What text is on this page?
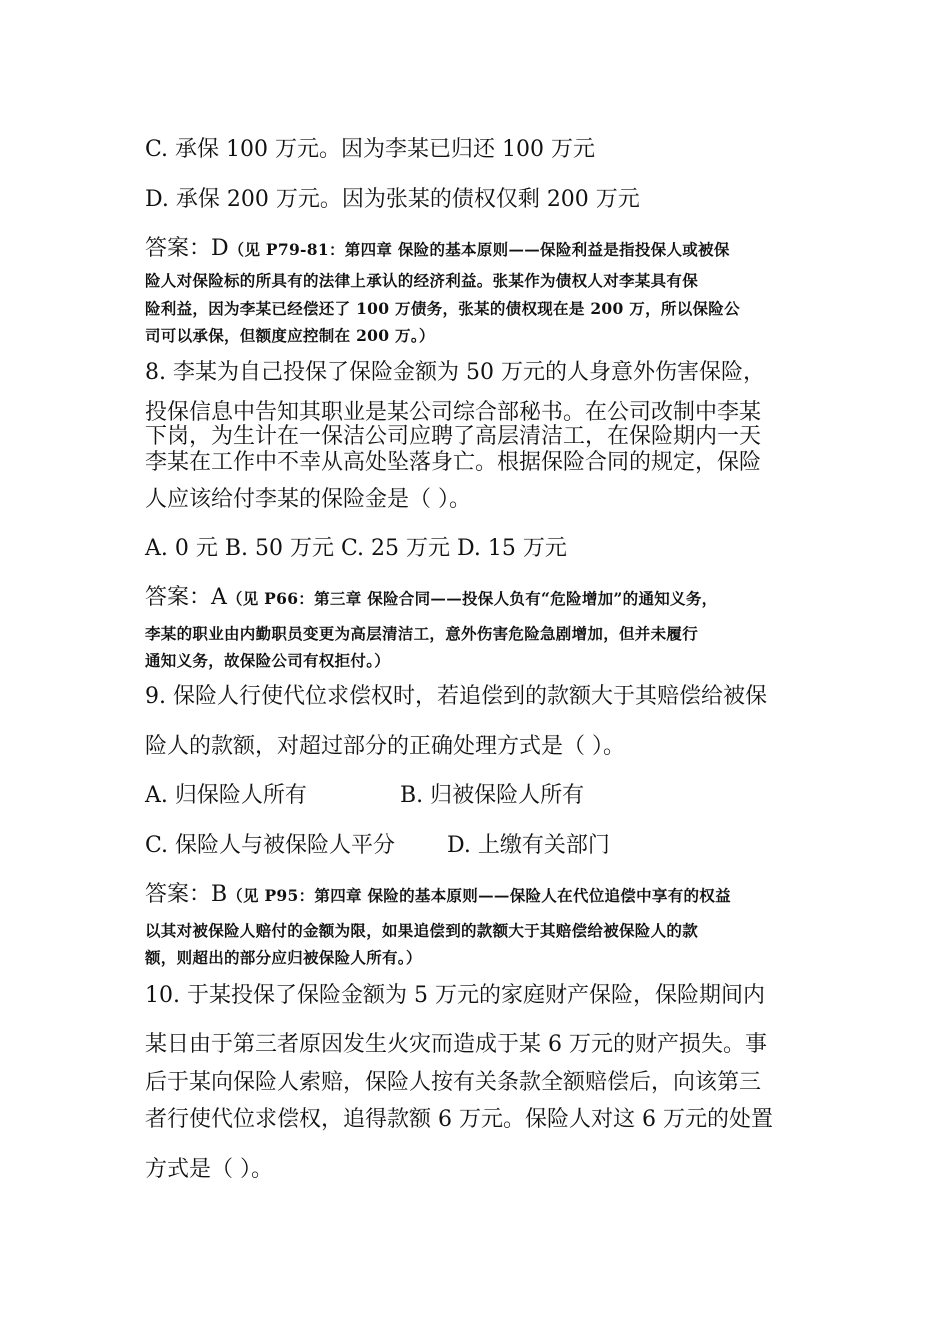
C. 承保 100 万元。因为李某已归还 100 万元
D. 承保 200 万元。因为张某的债权仅剩 200 万元
答案：D（见 P79-81：第四章 保险的基本原则——保险利益是指投保人或被保
险人对保险标的所具有的法律上承认的经济利益。张某作为债权人对李某具有保
险利益，因为李某已经偿还了 100 万债务，张某的债权现在是 200 万，所以保险公
司可以承保，但额度应控制在 200 万。）
8. 李某为自己投保了保险金额为 50 万元的人身意外伤害保险，
投保信息中告知其职业是某公司综合部秘书。在公司改制中李某
下岗，为生计在一保洁公司应聘了高层清洁工，在保险期内一天
李某在工作中不幸从高处坠落身亡。根据保险合同的规定，保险
人应该给付李某的保险金是（ ）。
A. 0 元 B. 50 万元 C. 25 万元 D. 15 万元
答案：A（见 P66：第三章 保险合同——投保人负有“危险增加”的通知义务，
李某的职业由内勤职员变更为高层清洁工，意外伤害危险急剧增加，但并未履行
通知义务，故保险公司有权拒付。）
9. 保险人行使代位求偿权时，若追偿到的款额大于其赔偿给被保
险人的款额，对超过部分的正确处理方式是（ ）。
A. 归保险人所有	B. 归被保险人所有
C. 保险人与被保险人平分 D. 上缴有关部门
答案：B（见 P95：第四章 保险的基本原则——保险人在代位追偿中享有的权益
以其对被保险人赔付的金额为限，如果追偿到的款额大于其赔偿给被保险人的款
额，则超出的部分应归被保险人所有。）
10. 于某投保了保险金额为 5 万元的家庭财产保险，保险期间内
某日由于第三者原因发生火灾而造成于某 6 万元的财产损失。事
后于某向保险人索赔，保险人按有关条款全额赔偿后，向该第三
者行使代位求偿权，追得款额 6 万元。保险人对这 6 万元的处置
方式是（ ）。
